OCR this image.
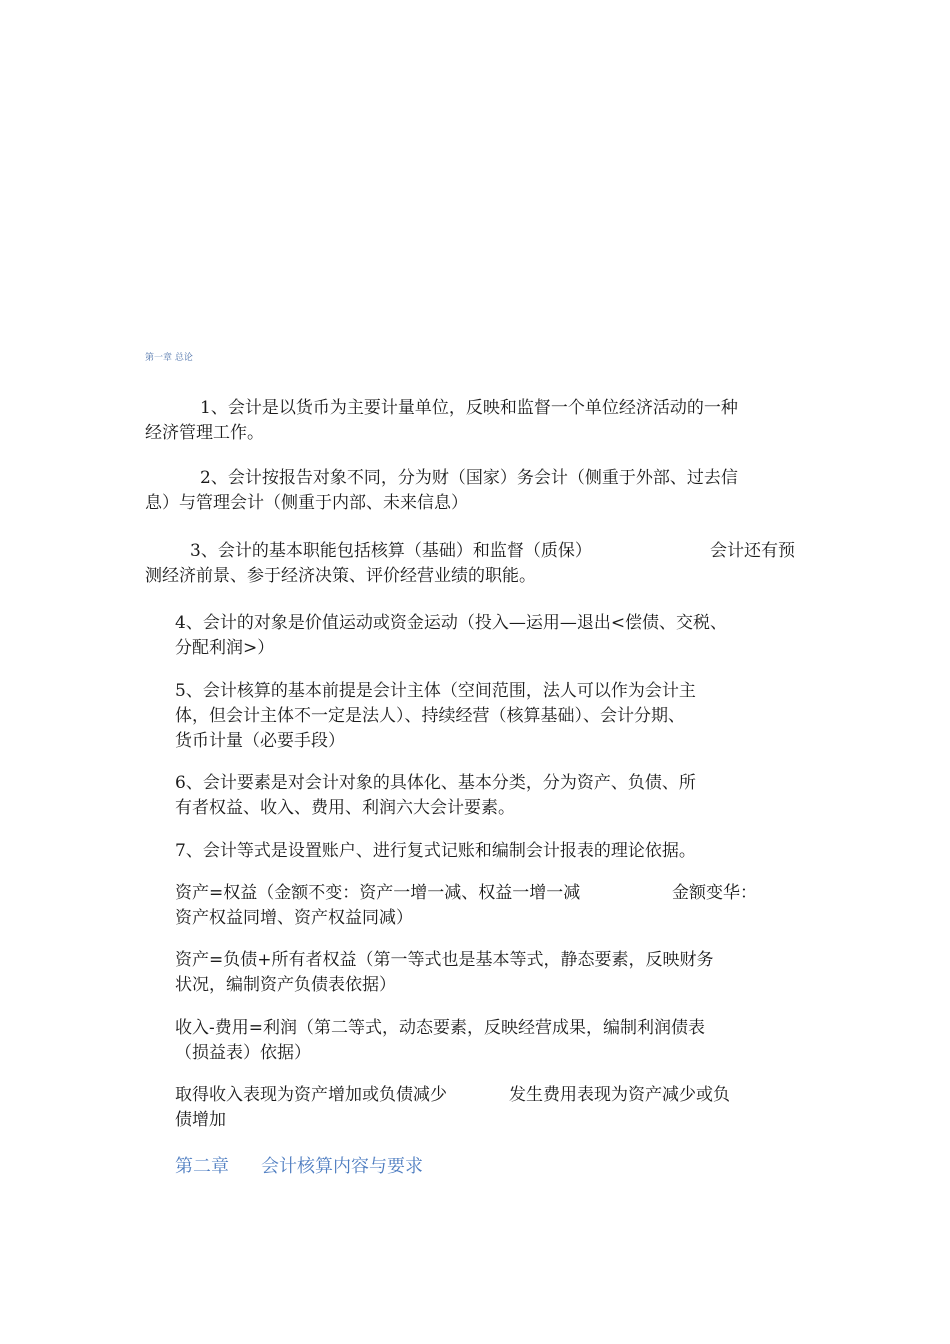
第一章 总论

1、会计是以货币为主要计量单位，反映和监督一个单位经济活动的一种

经济管理工作。

2、会计按报告对象不同，分为财（国家）务会计（侧重于外部、过去信

息）与管理会计（侧重于内部、未来信息）

3、会计的基本职能包括核算（基础）和监督（质保）	会计还有预

测经济前景、参于经济决策、评价经营业绩的职能。

4、会计的对象是价值运动或资金运动（投入—运用—退出<偿债、交税、

分配利润>）

5、会计核算的基本前提是会计主体（空间范围，法人可以作为会计主

体，但会计主体不一定是法人）、持续经营（核算基础）、会计分期、

货币计量（必要手段）

6、会计要素是对会计对象的具体化、基本分类，分为资产、负债、所

有者权益、收入、费用、利润六大会计要素。

7、会计等式是设置账户、进行复式记账和编制会计报表的理论依据。

资产=权益（金额不变：资产一增一减、权益一增一减	金额变华：

资产权益同增、资产权益同减）

资产=负债+所有者权益（第一等式也是基本等式，静态要素，反映财务

状况，编制资产负债表依据）

收入-费用=利润（第二等式，动态要素，反映经营成果，编制利润债表

（损益表）依据）

取得收入表现为资产增加或负债减少	发生费用表现为资产减少或负

债增加

第二章 会计核算内容与要求
